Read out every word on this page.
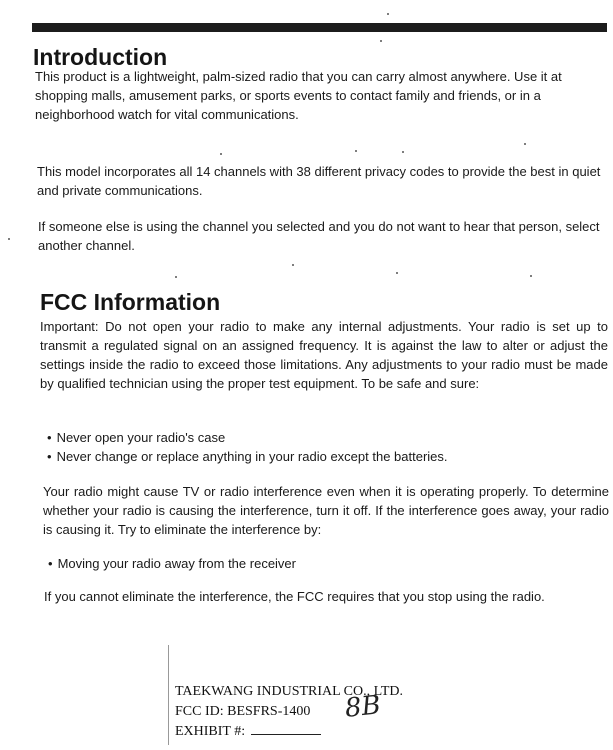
Introduction

This product is a lightweight, palm-sized radio that you can carry almost anywhere. Use it at shopping malls, amusement parks, or sports events to contact family and friends, or in a neighborhood watch for vital communications.

This model incorporates all 14 channels with 38 different privacy codes to provide the best in quiet and private communications.

If someone else is using the channel you selected and you do not want to hear that person, select another channel.

FCC Information

Important: Do not open your radio to make any internal adjustments. Your radio is set up to transmit a regulated signal on an assigned frequency. It is against the law to alter or adjust the settings inside the radio to exceed those limitations. Any adjustments to your radio must be made by qualified technician using the proper test equipment. To be safe and sure:

• Never open your radio's case
• Never change or replace anything in your radio except the batteries.

Your radio might cause TV or radio interference even when it is operating properly. To determine whether your radio is causing the interference, turn it off. If the interference goes away, your radio is causing it. Try to eliminate the interference by:

• Moving your radio away from the receiver

If you cannot eliminate the interference, the FCC requires that you stop using the radio.

TAEKWANG INDUSTRIAL CO., LTD.
FCC ID: BESFRS-1400
EXHIBIT #:
8B
